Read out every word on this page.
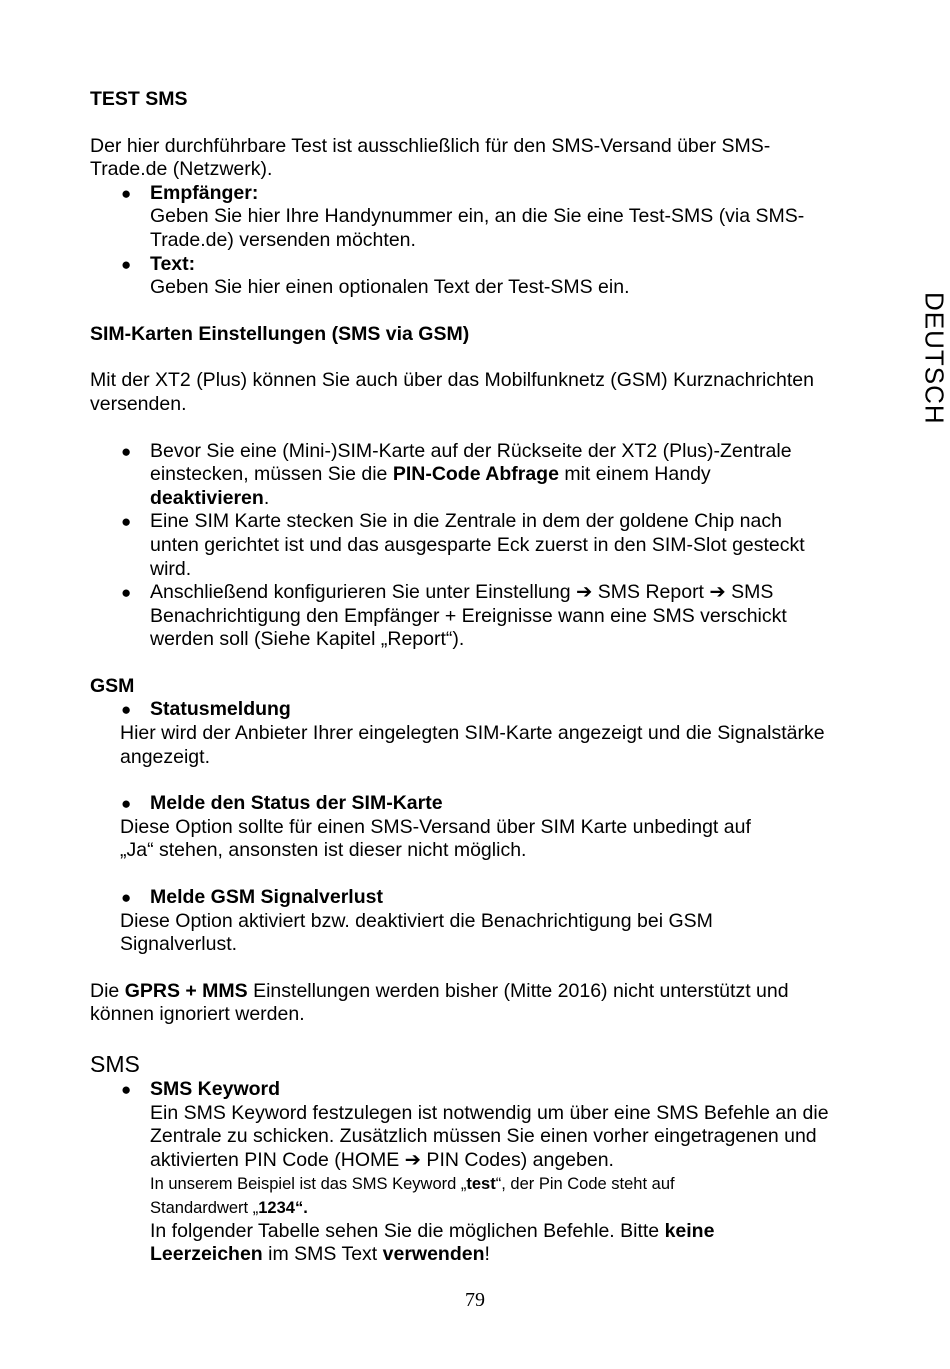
DEUTSCH

TEST SMS

Der hier durchführbare Test ist ausschließlich für den SMS-Versand über SMS-
Trade.de (Netzwerk).

● Empfänger:
Geben Sie hier Ihre Handynummer ein, an die Sie eine Test-SMS (via SMS-
Trade.de) versenden möchten.
● Text:
Geben Sie hier einen optionalen Text der Test-SMS ein.

SIM-Karten Einstellungen (SMS via GSM)

Mit der XT2 (Plus) können Sie auch über das Mobilfunknetz (GSM) Kurznachrichten
versenden.

● Bevor Sie eine (Mini-)SIM-Karte auf der Rückseite der XT2 (Plus)-Zentrale
einstecken, müssen Sie die PIN-Code Abfrage mit einem Handy
deaktivieren.
● Eine SIM Karte stecken Sie in die Zentrale in dem der goldene Chip nach
unten gerichtet ist und das ausgesparte Eck zuerst in den SIM-Slot gesteckt
wird.
● Anschließend konfigurieren Sie unter Einstellung ➔ SMS Report ➔ SMS
Benachrichtigung den Empfänger + Ereignisse wann eine SMS verschickt
werden soll (Siehe Kapitel „Report“).

GSM

● Statusmeldung

Hier wird der Anbieter Ihrer eingelegten SIM-Karte angezeigt und die Signalstärke
angezeigt.

● Melde den Status der SIM-Karte

Diese Option sollte für einen SMS-Versand über SIM Karte unbedingt auf
„Ja“ stehen, ansonsten ist dieser nicht möglich.

● Melde GSM Signalverlust

Diese Option aktiviert bzw. deaktiviert die Benachrichtigung bei GSM
Signalverlust.

Die GPRS + MMS Einstellungen werden bisher (Mitte 2016) nicht unterstützt und
können ignoriert werden.

SMS

● SMS Keyword
Ein SMS Keyword festzulegen ist notwendig um über eine SMS Befehle an die
Zentrale zu schicken. Zusätzlich müssen Sie einen vorher eingetragenen und
aktivierten PIN Code (HOME ➔ PIN Codes) angeben.
In unserem Beispiel ist das SMS Keyword „test“, der Pin Code steht auf
Standardwert „1234“.
In folgender Tabelle sehen Sie die möglichen Befehle. Bitte keine
Leerzeichen im SMS Text verwenden!
79
